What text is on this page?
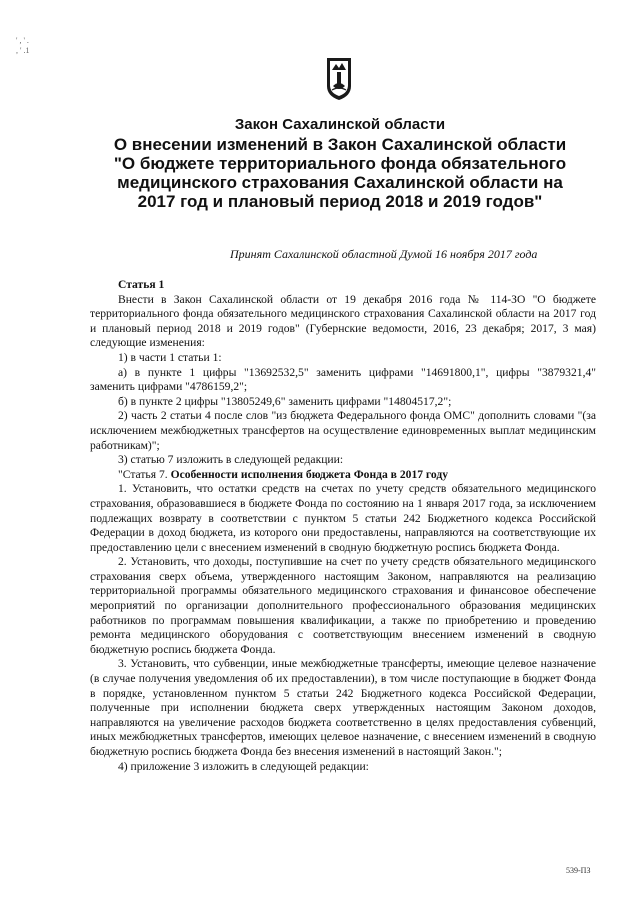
' , ' .
, ' .1
Закон Сахалинской области
О внесении изменений в Закон Сахалинской области "О бюджете территориального фонда обязательного медицинского страхования Сахалинской области на 2017 год и плановый период 2018 и 2019 годов"
Принят Сахалинской областной Думой 16 ноября 2017 года

Статья 1

Внести в Закон Сахалинской области от 19 декабря 2016 года № 114-ЗО "О бюджете территориального фонда обязательного медицинского страхования Сахалинской области на 2017 год и плановый период 2018 и 2019 годов" (Губернские ведомости, 2016, 23 декабря; 2017, 3 мая) следующие изменения:

1) в части 1 статьи 1:

а) в пункте 1 цифры "13692532,5" заменить цифрами "14691800,1", цифры "3879321,4" заменить цифрами "4786159,2";

б) в пункте 2 цифры "13805249,6" заменить цифрами "14804517,2";

2) часть 2 статьи 4 после слов "из бюджета Федерального фонда ОМС" дополнить словами "(за исключением межбюджетных трансфертов на осуществление единовременных выплат медицинским работникам)";

3) статью 7 изложить в следующей редакции:

"Статья 7. Особенности исполнения бюджета Фонда в 2017 году

1. Установить, что остатки средств на счетах по учету средств обязательного медицинского страхования, образовавшиеся в бюджете Фонда по состоянию на 1 января 2017 года, за исключением подлежащих возврату в соответствии с пунктом 5 статьи 242 Бюджетного кодекса Российской Федерации в доход бюджета, из которого они предоставлены, направляются на соответствующие их предоставлению цели с внесением изменений в сводную бюджетную роспись бюджета Фонда.

2. Установить, что доходы, поступившие на счет по учету средств обязательного медицинского страхования сверх объема, утвержденного настоящим Законом, направляются на реализацию территориальной программы обязательного медицинского страхования и финансовое обеспечение мероприятий по организации дополнительного профессионального образования медицинских работников по программам повышения квалификации, а также по приобретению и проведению ремонта медицинского оборудования с соответствующим внесением изменений в сводную бюджетную роспись бюджета Фонда.

3. Установить, что субвенции, иные межбюджетные трансферты, имеющие целевое назначение (в случае получения уведомления об их предоставлении), в том числе поступающие в бюджет Фонда в порядке, установленном пунктом 5 статьи 242 Бюджетного кодекса Российской Федерации, полученные при исполнении бюджета сверх утвержденных настоящим Законом доходов, направляются на увеличение расходов бюджета соответственно в целях предоставления субвенций, иных межбюджетных трансфертов, имеющих целевое назначение, с внесением изменений в сводную бюджетную роспись бюджета Фонда без внесения изменений в настоящий Закон.";

4) приложение 3 изложить в следующей редакции:

539-ПЗ
